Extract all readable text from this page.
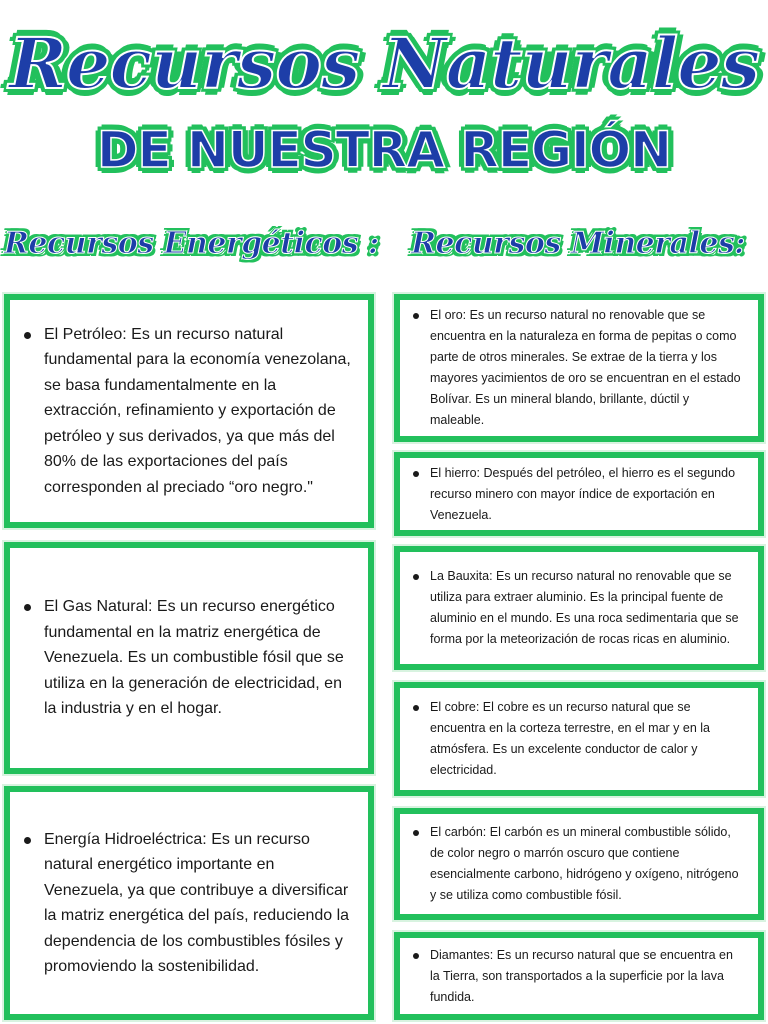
Recursos Naturales
DE NUESTRA REGIÓN
Recursos Energéticos :	Recursos Minerales:
El Petróleo: Es un recurso natural fundamental para la economía venezolana, se basa fundamentalmente en la extracción, refinamiento y exportación de petróleo y sus derivados, ya que más del 80% de las exportaciones del país corresponden al preciado “oro negro."
El Gas Natural: Es un recurso energético fundamental en la matriz energética de Venezuela. Es un combustible fósil que se utiliza en la generación de electricidad, en la industria y en el hogar.
Energía Hidroeléctrica: Es un recurso natural energético importante en Venezuela, ya que contribuye a diversificar la matriz energética del país, reduciendo la dependencia de los combustibles fósiles y promoviendo la sostenibilidad.
El oro: Es un recurso natural no renovable que se encuentra en la naturaleza en forma de pepitas o como parte de otros minerales. Se extrae de la tierra y los mayores yacimientos de oro se encuentran en el estado Bolívar. Es un mineral blando, brillante, dúctil y maleable.
El hierro: Después del petróleo, el hierro es el segundo recurso minero con mayor índice de exportación en Venezuela.
La Bauxita: Es un recurso natural no renovable que se utiliza para extraer aluminio. Es la principal fuente de aluminio en el mundo. Es una roca sedimentaria que se forma por la meteorización de rocas ricas en aluminio.
El cobre: El cobre es un recurso natural que se encuentra en la corteza terrestre, en el mar y en la atmósfera. Es un excelente conductor de calor y electricidad.
El carbón: El carbón es un mineral combustible sólido, de color negro o marrón oscuro que contiene esencialmente carbono, hidrógeno y oxígeno, nitrógeno y se utiliza como combustible fósil.
Diamantes: Es un recurso natural que se encuentra en la Tierra, son transportados a la superficie por la lava fundida.
